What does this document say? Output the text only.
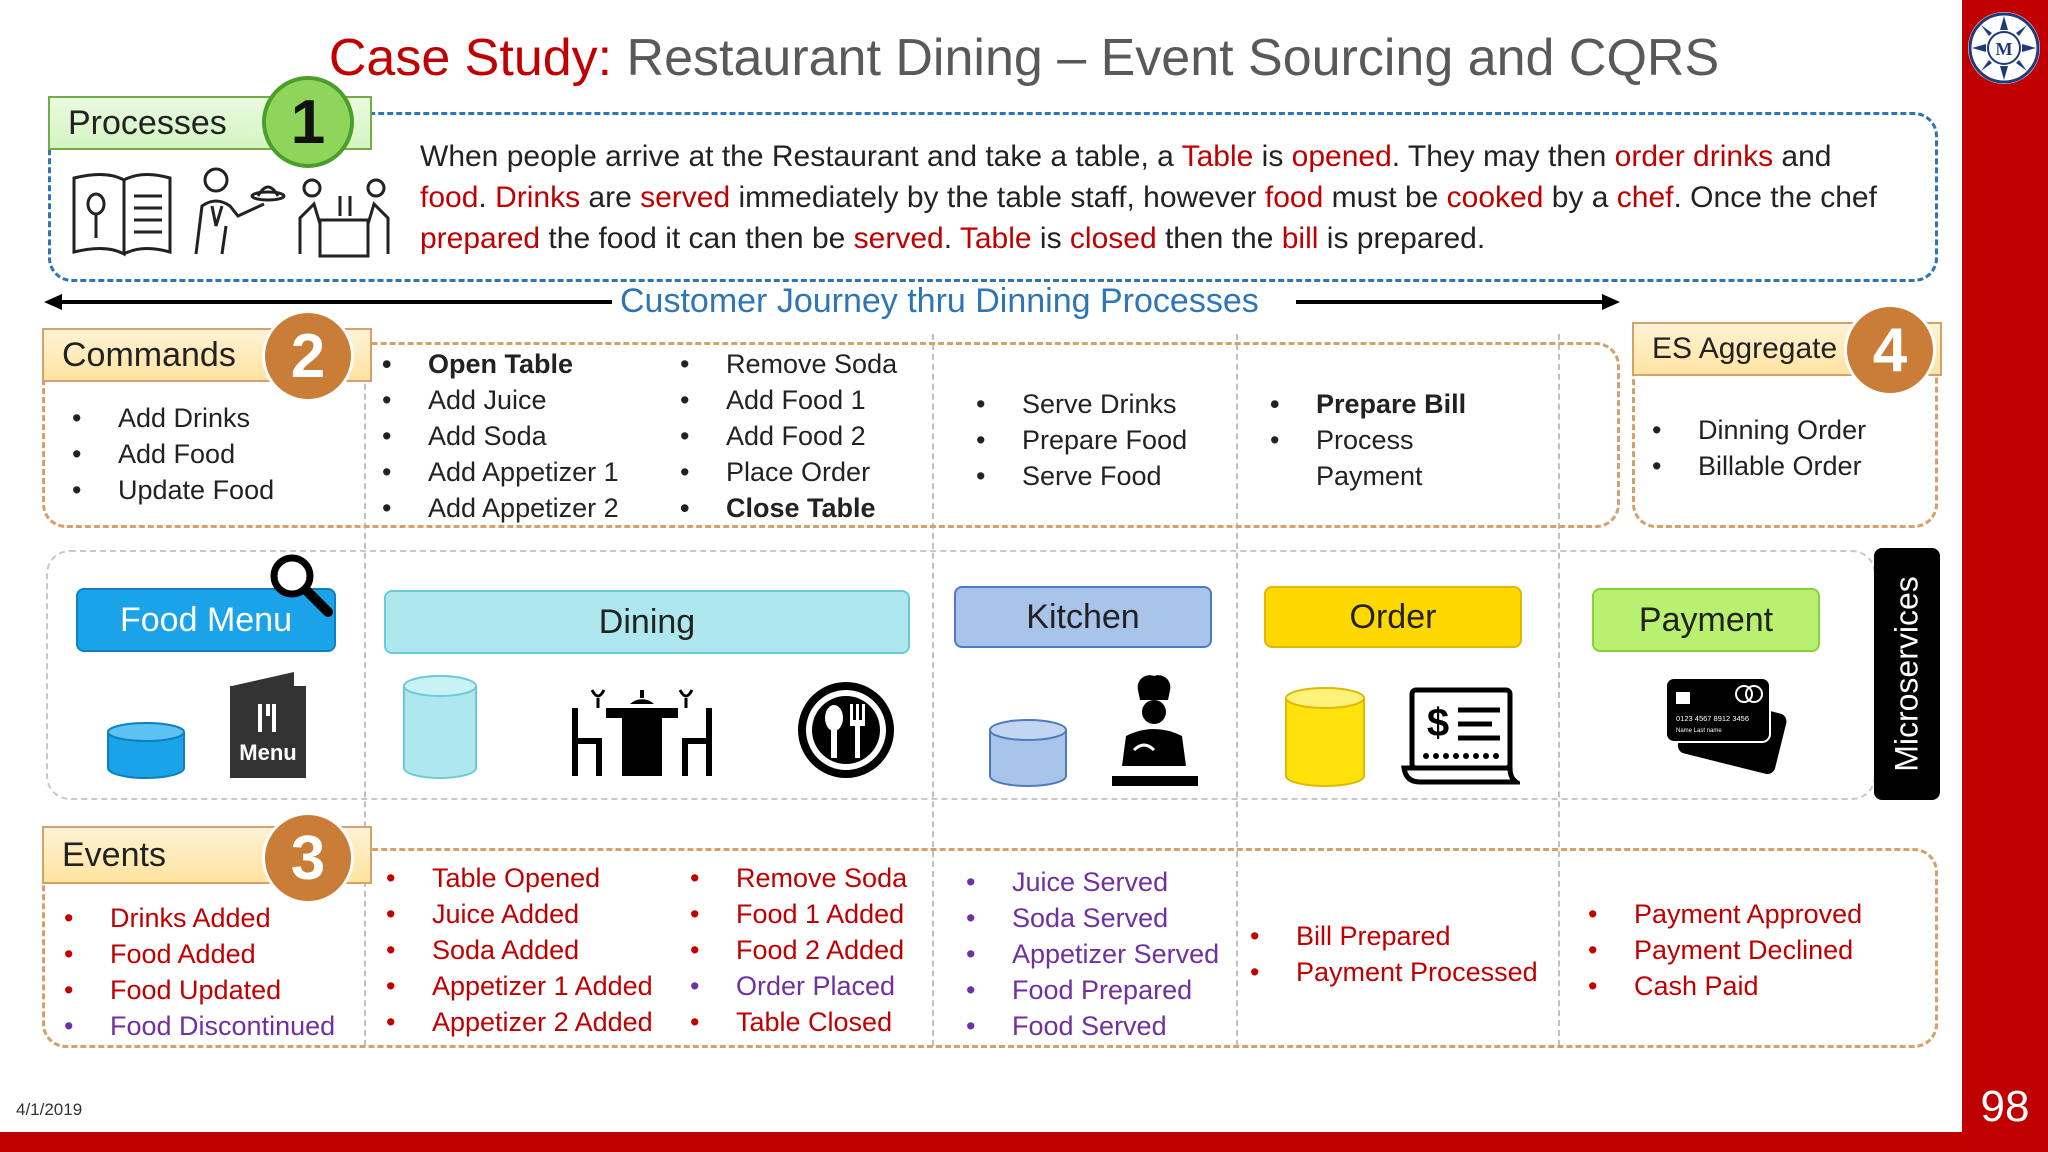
Case Study: Restaurant Dining – Event Sourcing and CQRS	M
98
4/1/2019
Processes	1	When people arrive at the Restaurant and take a table, a Table is opened. They may then order drinks and food. Drinks are served immediately by the table staff, however food must be cooked by a chef. Once the chef prepared the food it can then be served. Table is closed then the bill is prepared.
Customer Journey thru Dinning Processes
Commands 2
• Add Drinks
• Add Food
• Update Food
• Open Table
• Add Juice
• Add Soda
• Add Appetizer 1
• Add Appetizer 2
• Remove Soda
• Add Food 1
• Add Food 2
• Place Order
• Close Table
• Serve Drinks
• Prepare Food
• Serve Food
• Prepare Bill
• Process
Payment
ES Aggregate 4
• Dinning Order
• Billable Order
Food Menu	Dining	Kitchen	Order	Payment
Menu
$	0123 4567 8912 3456
Name Last name	Microservices
Events	3
• Drinks Added
• Food Added
• Food Updated
• Food Discontinued
• Table Opened
• Juice Added
• Soda Added
• Appetizer 1 Added
• Appetizer 2 Added
• Remove Soda
• Food 1 Added
• Food 2 Added
• Order Placed
• Table Closed
• Juice Served
• Soda Served
• Appetizer Served
• Food Prepared
• Food Served
• Bill Prepared
• Payment Processed
• Payment Approved
• Payment Declined
• Cash Paid
